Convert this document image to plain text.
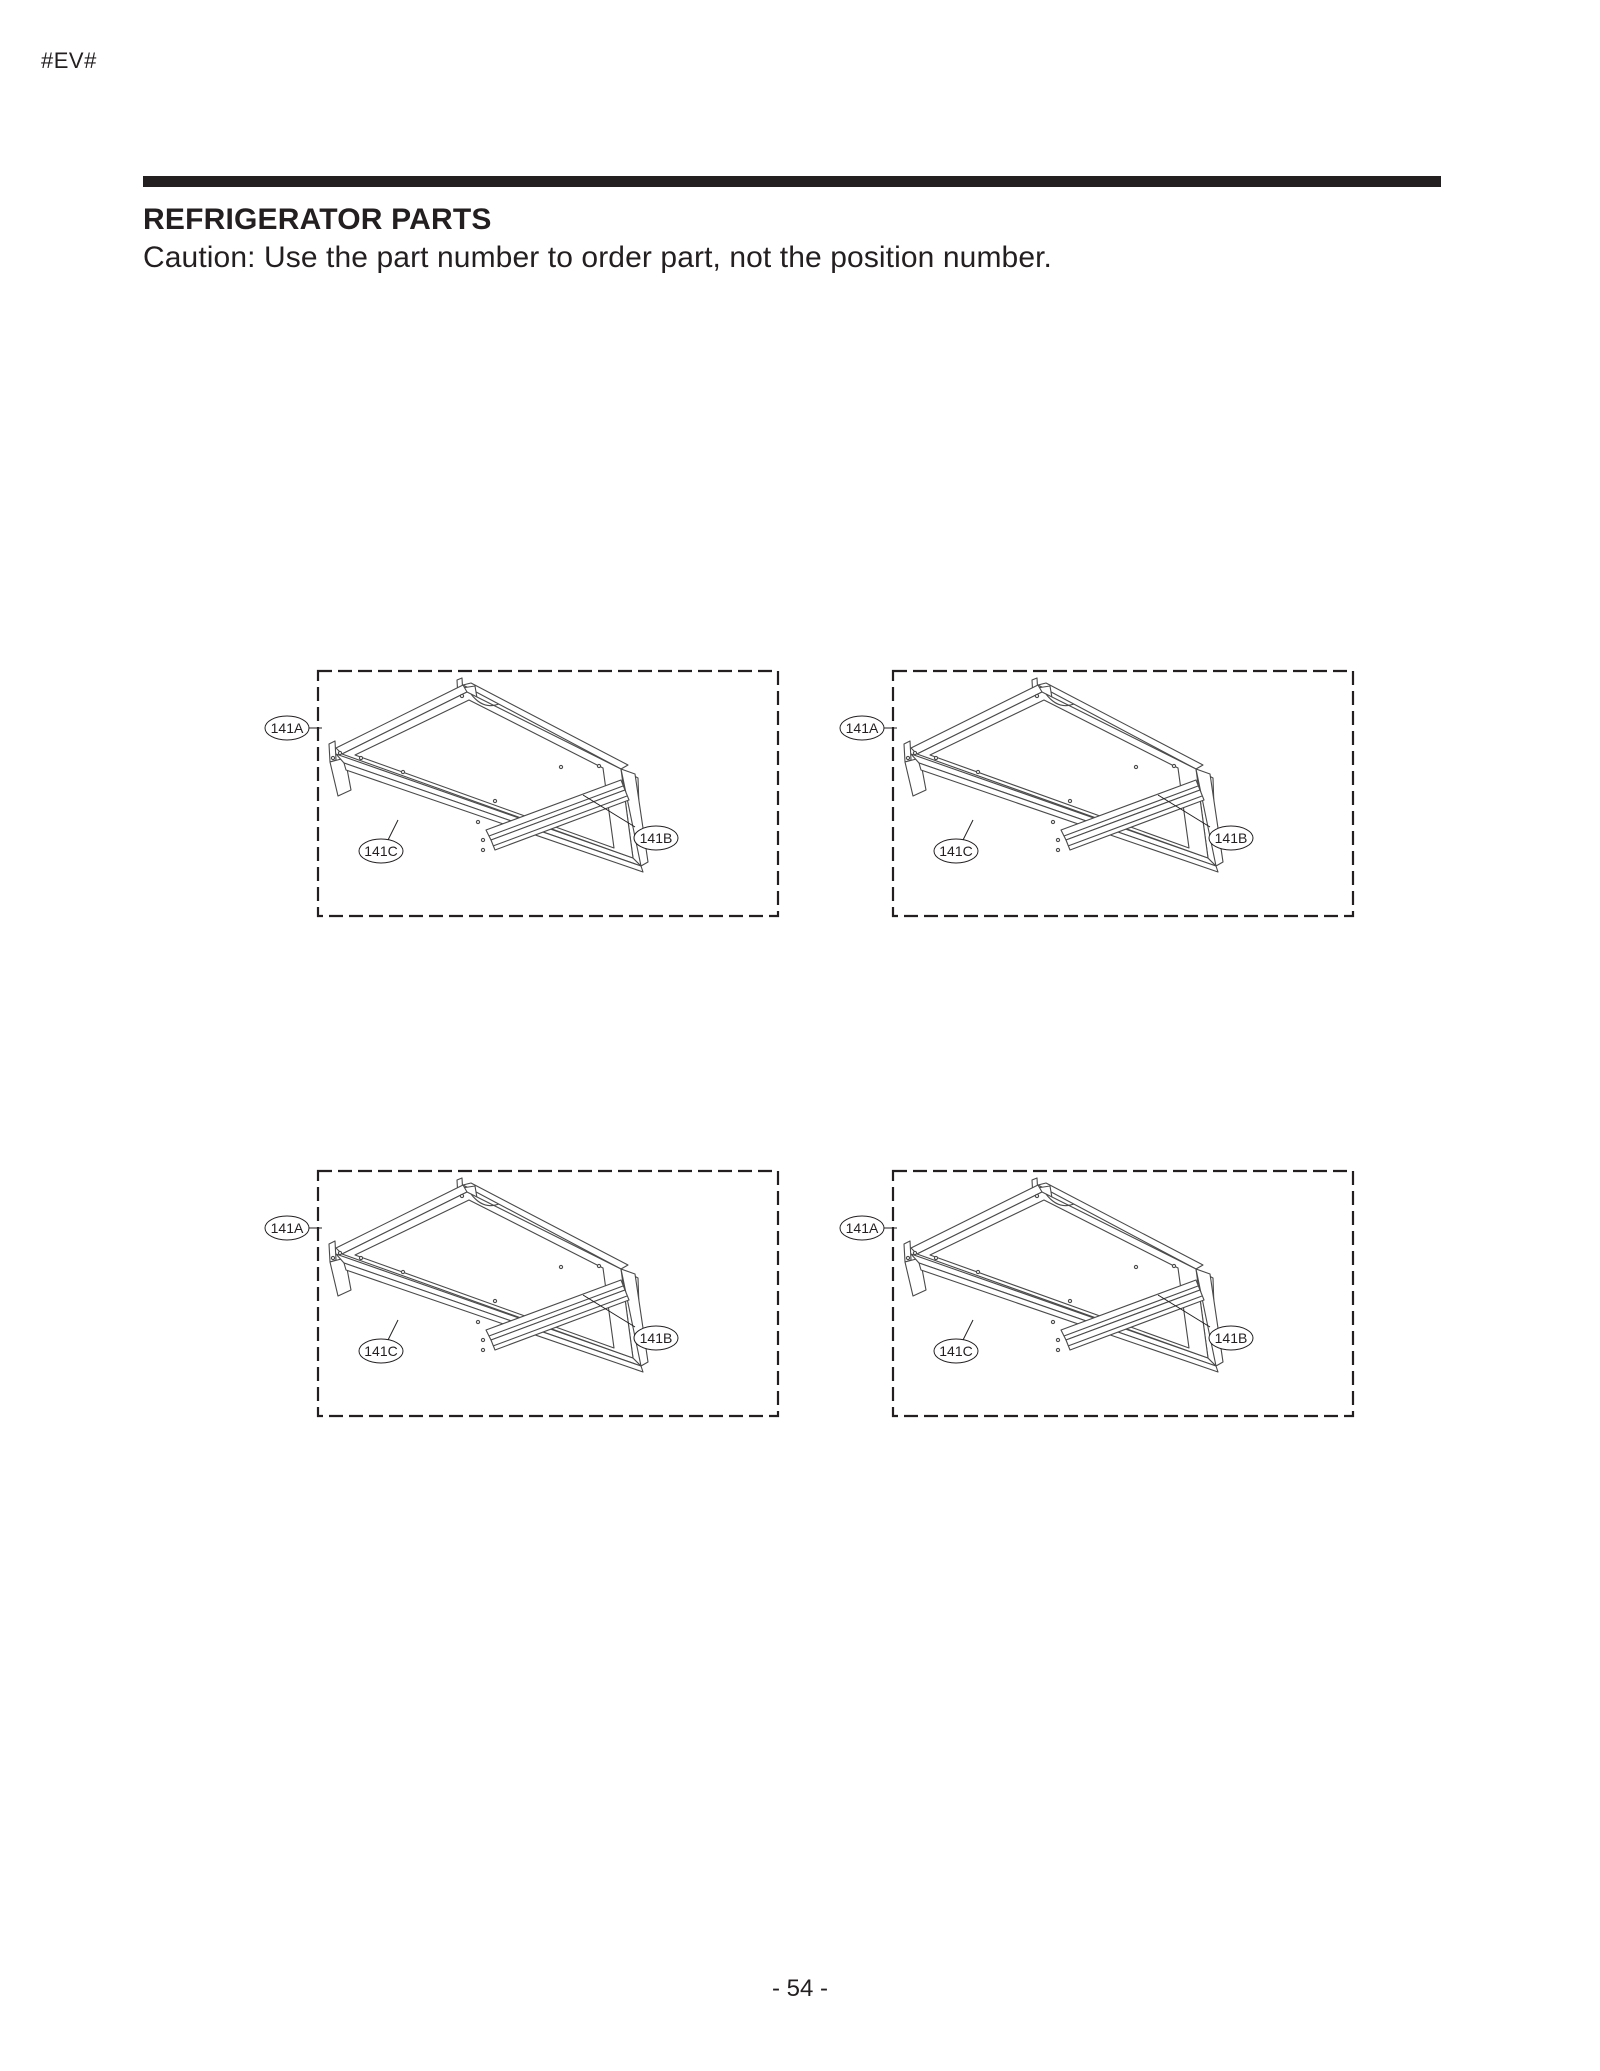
#EV#
REFRIGERATOR PARTS
Caution: Use the part number to order part, not the position number.
141A
141C
141B
141A
141C
141B
141A
141C
141B
141A
141C
141B
- 54 -
